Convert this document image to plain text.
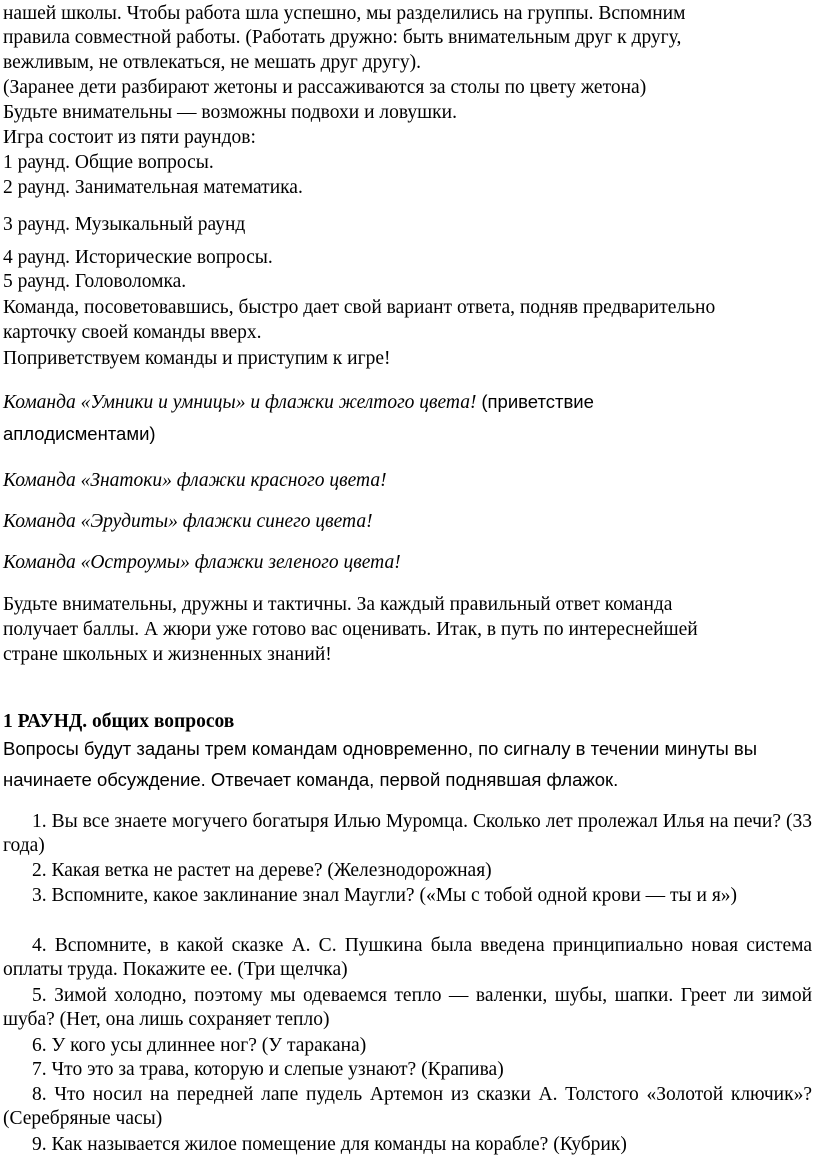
нашей школы. Чтобы работа шла успешно, мы разделились на группы. Вспомним
правила совместной работы. (Работать дружно: быть внимательным друг к другу,
вежливым, не отвлекаться, не мешать друг другу).
(Заранее дети разбирают жетоны и рассаживаются за столы по цвету жетона)
Будьте внимательны — возможны подвохи и ловушки.
Игра состоит из пяти раундов:
1 раунд. Общие вопросы.
2 раунд. Занимательная математика.
3 раунд. Музыкальный раунд
4 раунд. Исторические вопросы.
5 раунд. Головоломка.
Команда, посоветовавшись, быстро дает свой вариант ответа, подняв предварительно
карточку своей команды вверх.
Поприветствуем команды и приступим к игре!
Команда «Умники и умницы» и флажки желтого цвета! (приветствие
аплодисментами)
Команда «Знатоки» флажки красного цвета!
Команда «Эрудиты» флажки синего цвета!
Команда «Остроумы» флажки зеленого цвета!
Будьте внимательны, дружны и тактичны. За каждый правильный ответ команда
получает баллы. А жюри уже готово вас оценивать. Итак, в путь по интереснейшей
стране школьных и жизненных знаний!
1 РАУНД. общих вопросов
Вопросы будут заданы трем командам одновременно, по сигналу в течении минуты вы
начинаете обсуждение. Отвечает команда, первой поднявшая флажок.
1. Вы все знаете могучего богатыря Илью Муромца. Сколько лет пролежал Илья на печи? (33 года)
2. Какая ветка не растет на дереве? (Железнодорожная)
3. Вспомните, какое заклинание знал Маугли? («Мы с тобой одной крови — ты и я»)
4. Вспомните, в какой сказке А. С. Пушкина была введена принципиально новая система оплаты труда. Покажите ее. (Три щелчка)
5. Зимой холодно, поэтому мы одеваемся тепло — валенки, шубы, шапки. Греет ли зимой шуба? (Нет, она лишь сохраняет тепло)
6. У кого усы длиннее ног? (У таракана)
7. Что это за трава, которую и слепые узнают? (Крапива)
8. Что носил на передней лапе пудель Артемон из сказки А. Толстого «Золотой ключик»? (Серебряные часы)
9. Как называется жилое помещение для команды на корабле? (Кубрик)
